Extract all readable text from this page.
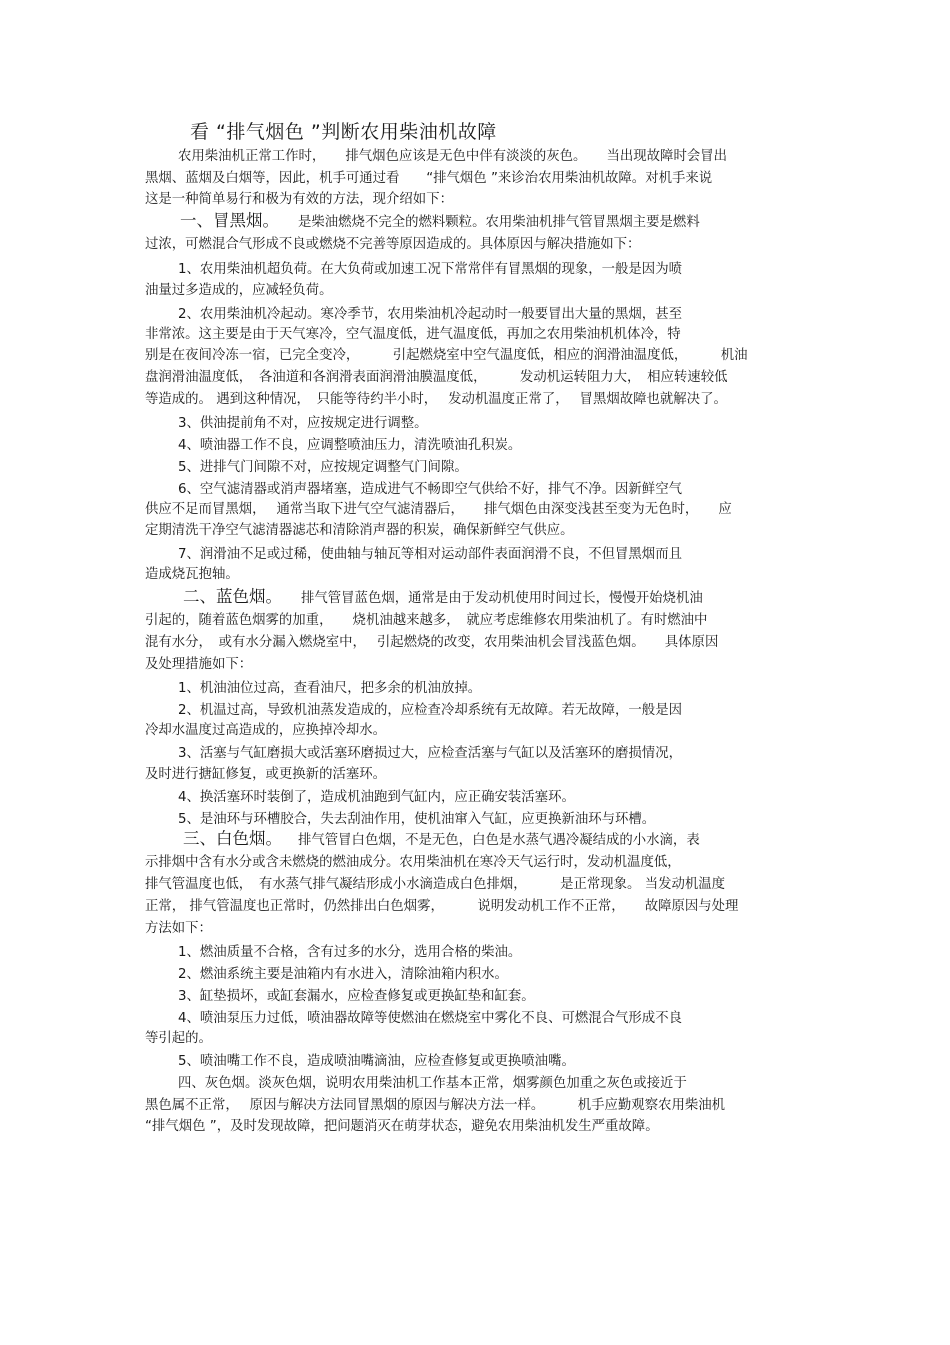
看 “排气烟色 ”判断农用柴油机故障
农用柴油机正常工作时，　　排气烟色应该是无色中伴有淡淡的灰色。　　当出现故障时会冒出
黑烟、蓝烟及白烟等，因此，机手可通过看　　“排气烟色 ”来诊治农用柴油机故障。对机手来说
这是一种简单易行和极为有效的方法，现介绍如下：
一、冒黑烟。 是柴油燃烧不完全的燃料颗粒。农用柴油机排气管冒黑烟主要是燃料
过浓，可燃混合气形成不良或燃烧不完善等原因造成的。具体原因与解决措施如下：
1、农用柴油机超负荷。在大负荷或加速工况下常常伴有冒黑烟的现象，一般是因为喷
油量过多造成的，应减轻负荷。
2、农用柴油机冷起动。寒冷季节，农用柴油机冷起动时一般要冒出大量的黑烟，甚至
非常浓。这主要是由于天气寒冷，空气温度低，进气温度低，再加之农用柴油机机体冷，特
别是在夜间冷冻一宿，已完全变冷，　　　引起燃烧室中空气温度低，相应的润滑油温度低，　　　机油
盘润滑油温度低，　各油道和各润滑表面润滑油膜温度低，　　　发动机运转阻力大，　相应转速较低
等造成的。 遇到这种情况，　只能等待约半小时，　 发动机温度正常了，　 冒黑烟故障也就解决了。
3、供油提前角不对，应按规定进行调整。
4、喷油器工作不良，应调整喷油压力，清洗喷油孔积炭。
5、进排气门间隙不对，应按规定调整气门间隙。
6、空气滤清器或消声器堵塞，造成进气不畅即空气供给不好，排气不净。因新鲜空气
供应不足而冒黑烟，　 通常当取下进气空气滤清器后，　　排气烟色由深变浅甚至变为无色时，　　应
定期清洗干净空气滤清器滤芯和清除消声器的积炭，确保新鲜空气供应。
7、润滑油不足或过稀，使曲轴与轴瓦等相对运动部件表面润滑不良，不但冒黑烟而且
造成烧瓦抱轴。
二、蓝色烟。 排气管冒蓝色烟，通常是由于发动机使用时间过长，慢慢开始烧机油
引起的，随着蓝色烟雾的加重，　　烧机油越来越多，　就应考虑维修农用柴油机了。有时燃油中
混有水分，　或有水分漏入燃烧室中，　 引起燃烧的改变，农用柴油机会冒浅蓝色烟。　　具体原因
及处理措施如下：
1、机油油位过高，查看油尺，把多余的机油放掉。
2、机温过高，导致机油蒸发造成的，应检查冷却系统有无故障。若无故障，一般是因
冷却水温度过高造成的，应换掉冷却水。
3、活塞与气缸磨损大或活塞环磨损过大，应检查活塞与气缸以及活塞环的磨损情况，
及时进行搪缸修复，或更换新的活塞环。
4、换活塞环时装倒了，造成机油跑到气缸内，应正确安装活塞环。
5、是油环与环槽胶合，失去刮油作用，使机油窜入气缸，应更换新油环与环槽。
三、白色烟。 排气管冒白色烟，不是无色，白色是水蒸气遇冷凝结成的小水滴，表
示排烟中含有水分或含未燃烧的燃油成分。农用柴油机在寒冷天气运行时，发动机温度低，
排气管温度也低，　有水蒸气排气凝结形成小水滴造成白色排烟，　　　是正常现象。 当发动机温度
正常， 排气管温度也正常时，仍然排出白色烟雾，　　　说明发动机工作不正常，　　故障原因与处理
方法如下：
1、燃油质量不合格，含有过多的水分，选用合格的柴油。
2、燃油系统主要是油箱内有水进入，清除油箱内积水。
3、缸垫损坏，或缸套漏水，应检查修复或更换缸垫和缸套。
4、喷油泵压力过低，喷油器故障等使燃油在燃烧室中雾化不良、可燃混合气形成不良
等引起的。
5、喷油嘴工作不良，造成喷油嘴滴油，应检查修复或更换喷油嘴。
四、灰色烟。淡灰色烟，说明农用柴油机工作基本正常，烟雾颜色加重之灰色或接近于
黑色属不正常，　 原因与解决方法同冒黑烟的原因与解决方法一样。　　　机手应勤观察农用柴油机
“排气烟色 ”，及时发现故障，把问题消灭在萌芽状态，避免农用柴油机发生严重故障。
